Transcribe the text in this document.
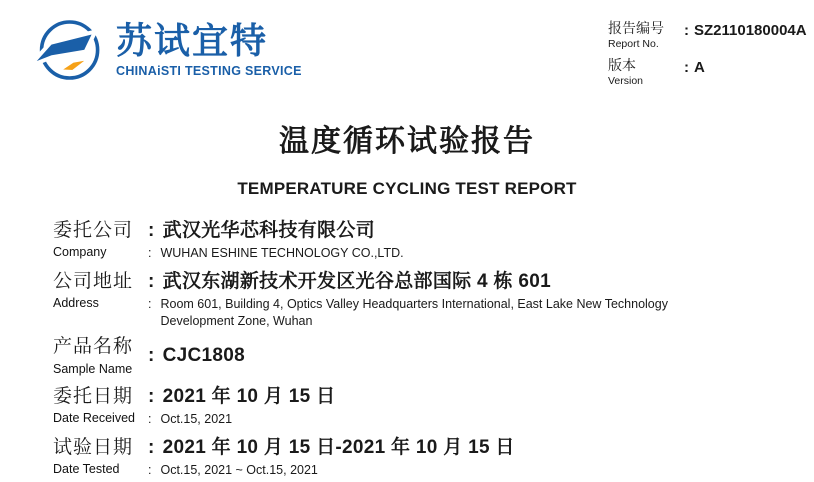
苏试宜特
CHINAiSTI TESTING SERVICE
报告编号
Report No.
: SZ2110180004A
版本
Version
: A
温度循环试验报告
TEMPERATURE CYCLING TEST REPORT
委托公司
Company
: 武汉光华芯科技有限公司
: WUHAN ESHINE TECHNOLOGY CO.,LTD.
公司地址
Address
: 武汉东湖新技术开发区光谷总部国际 4 栋 601
: Room 601, Building 4, Optics Valley Headquarters International, East Lake New Technology Development Zone, Wuhan
产品名称
Sample Name
: CJC1808
委托日期
Date Received
: 2021 年 10 月 15 日
: Oct.15, 2021
试验日期
Date Tested
: 2021 年 10 月 15 日-2021 年 10 月 15 日
: Oct.15, 2021 ~ Oct.15, 2021
